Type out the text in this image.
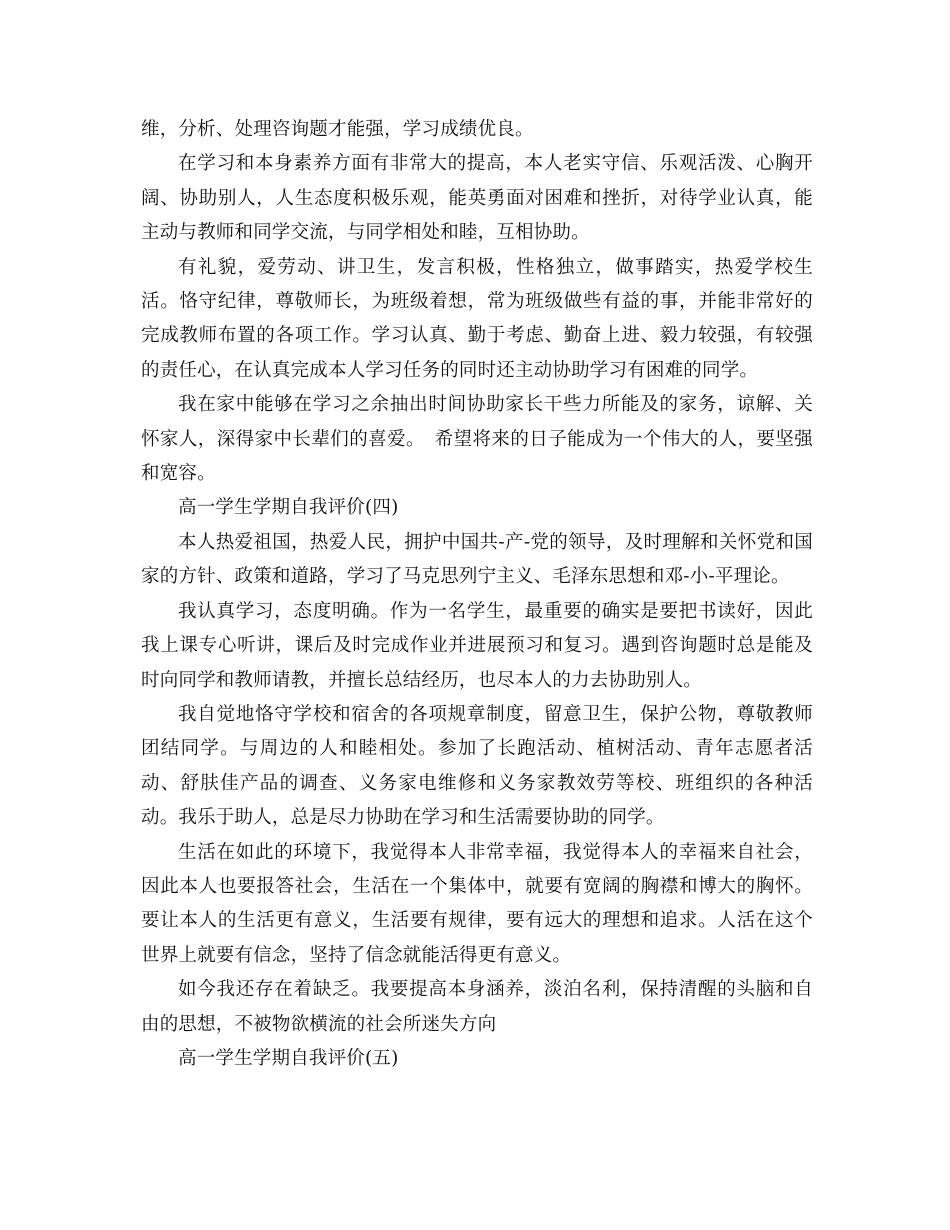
维，分析、处理咨询题才能强，学习成绩优良。

在学习和本身素养方面有非常大的提高，本人老实守信、乐观活泼、心胸开阔、协助别人，人生态度积极乐观，能英勇面对困难和挫折，对待学业认真，能主动与教师和同学交流，与同学相处和睦，互相协助。

有礼貌，爱劳动、讲卫生，发言积极，性格独立，做事踏实，热爱学校生活。恪守纪律，尊敬师长，为班级着想，常为班级做些有益的事，并能非常好的完成教师布置的各项工作。学习认真、勤于考虑、勤奋上进、毅力较强，有较强的责任心，在认真完成本人学习任务的同时还主动协助学习有困难的同学。

我在家中能够在学习之余抽出时间协助家长干些力所能及的家务，谅解、关怀家人，深得家中长辈们的喜爱。　希望将来的日子能成为一个伟大的人，要坚强和宽容。

高一学生学期自我评价(四)

本人热爱祖国，热爱人民，拥护中国共-产-党的领导，及时理解和关怀党和国家的方针、政策和道路，学习了马克思列宁主义、毛泽东思想和邓-小-平理论。

我认真学习，态度明确。作为一名学生，最重要的确实是要把书读好，因此我上课专心听讲，课后及时完成作业并进展预习和复习。遇到咨询题时总是能及时向同学和教师请教，并擅长总结经历，也尽本人的力去协助别人。

我自觉地恪守学校和宿舍的各项规章制度，留意卫生，保护公物，尊敬教师团结同学。与周边的人和睦相处。参加了长跑活动、植树活动、青年志愿者活动、舒肤佳产品的调查、义务家电维修和义务家教效劳等校、班组织的各种活动。我乐于助人，总是尽力协助在学习和生活需要协助的同学。

生活在如此的环境下，我觉得本人非常幸福，我觉得本人的幸福来自社会，因此本人也要报答社会，生活在一个集体中，就要有宽阔的胸襟和博大的胸怀。要让本人的生活更有意义，生活要有规律，要有远大的理想和追求。人活在这个世界上就要有信念，坚持了信念就能活得更有意义。

如今我还存在着缺乏。我要提高本身涵养，淡泊名利，保持清醒的头脑和自由的思想，不被物欲横流的社会所迷失方向

高一学生学期自我评价(五)
